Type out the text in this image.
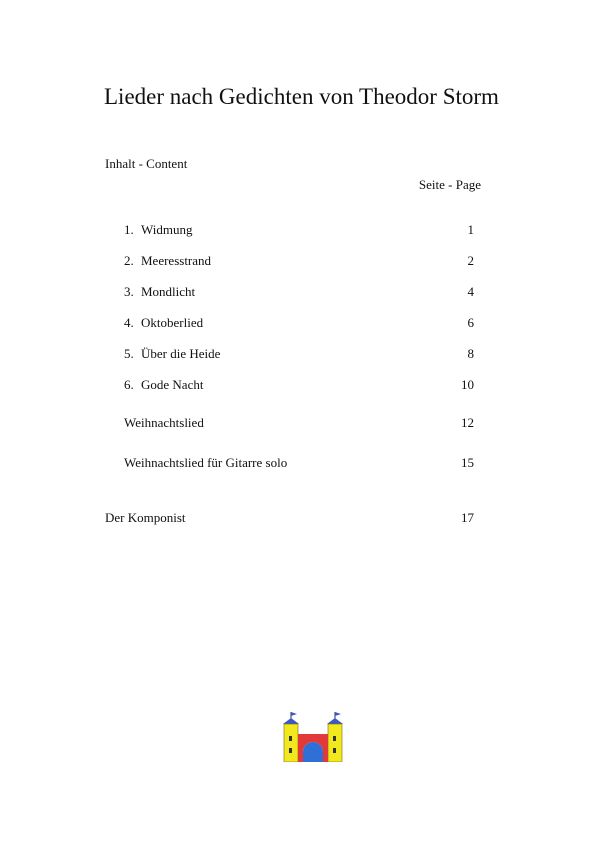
Lieder nach Gedichten von Theodor Storm
Inhalt - Content
Seite - Page
1. Widmung	1
2. Meeresstrand	2
3. Mondlicht	4
4. Oktoberlied	6
5. Über die Heide	8
6. Gode Nacht	10
Weihnachtslied	12
Weihnachtslied für Gitarre solo	15
Der Komponist	17
